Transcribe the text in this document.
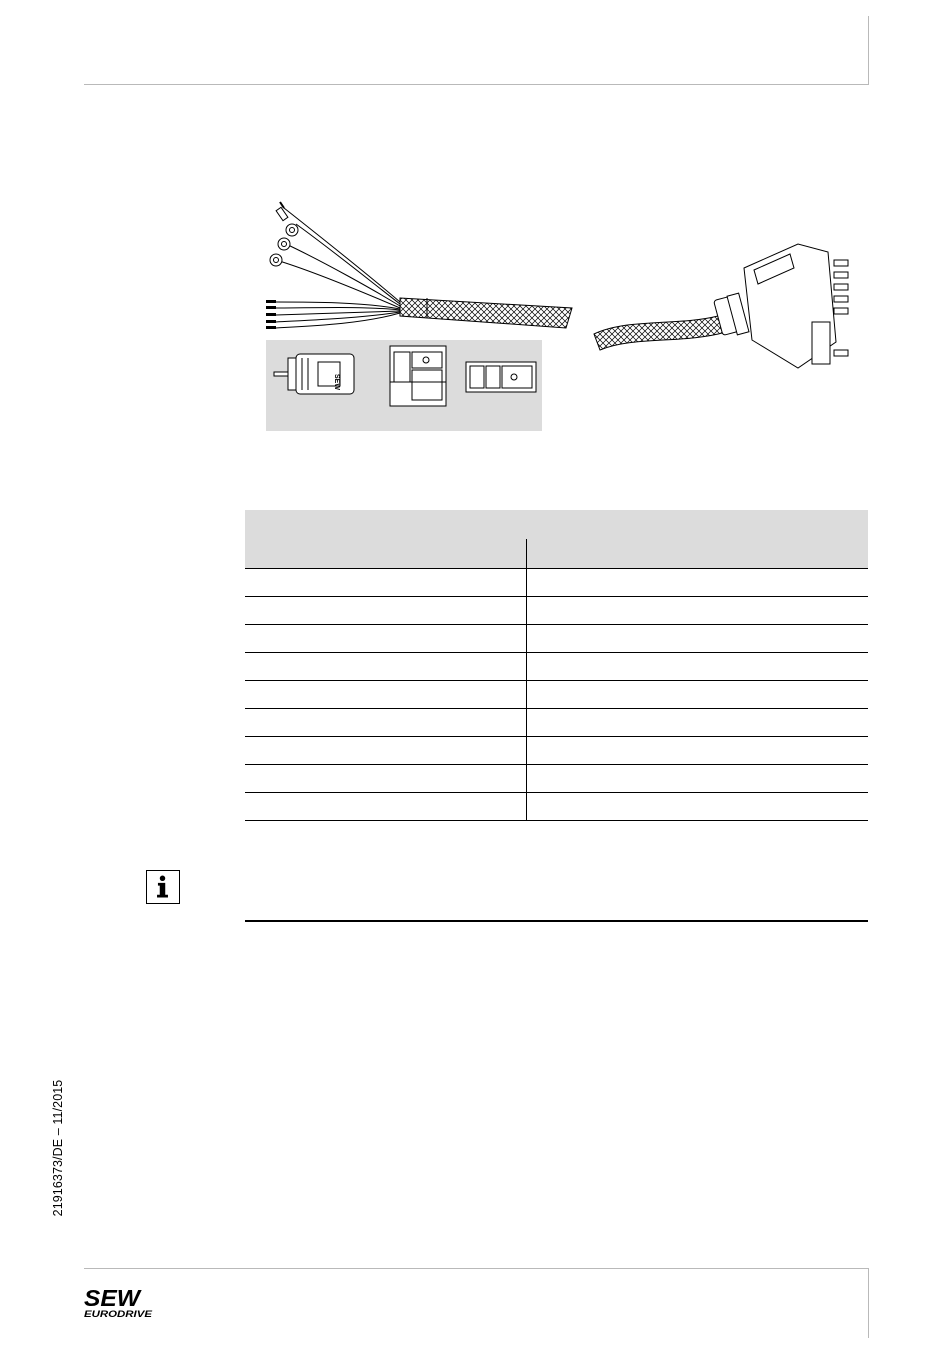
SEW

21916373/DE – 11/2015
SEW
EURODRIVE
